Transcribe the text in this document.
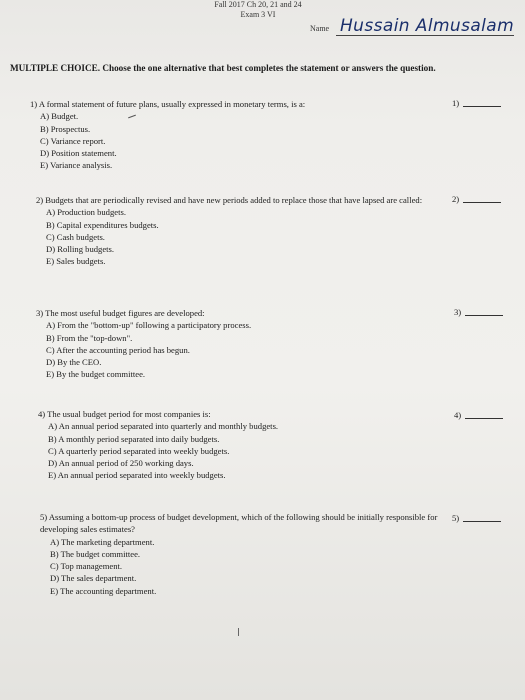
Fall 2017 Ch 20, 21 and 24
Exam 3 VI
Name Hussain Almusalam
MULTIPLE CHOICE. Choose the one alternative that best completes the statement or answers the question.
1) A formal statement of future plans, usually expressed in monetary terms, is a:
A) Budget.
B) Prospectus.
C) Variance report.
D) Position statement.
E) Variance analysis.
1)
2) Budgets that are periodically revised and have new periods added to replace those that have lapsed are called:
A) Production budgets.
B) Capital expenditures budgets.
C) Cash budgets.
D) Rolling budgets.
E) Sales budgets.
2)
3) The most useful budget figures are developed:
A) From the "bottom-up" following a participatory process.
B) From the "top-down".
C) After the accounting period has begun.
D) By the CEO.
E) By the budget committee.
3)
4) The usual budget period for most companies is:
A) An annual period separated into quarterly and monthly budgets.
B) A monthly period separated into daily budgets.
C) A quarterly period separated into weekly budgets.
D) An annual period of 250 working days.
E) An annual period separated into weekly budgets.
4)
5) Assuming a bottom-up process of budget development, which of the following should be initially responsible for developing sales estimates?
A) The marketing department.
B) The budget committee.
C) Top management.
D) The sales department.
E) The accounting department.
5)
